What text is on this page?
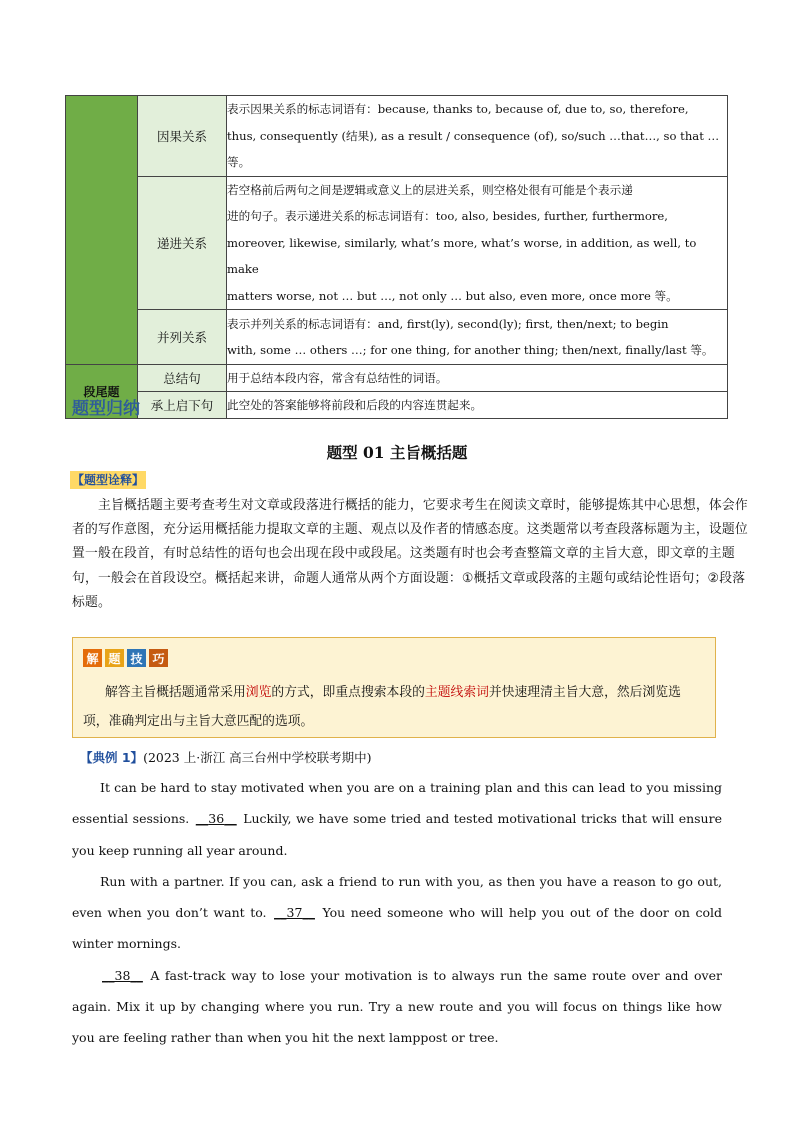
	因果关系	表示因果关系的标志词语有：because, thanks to, because of, due to, so, therefore,
thus, consequently (结果), as a result / consequence (of), so/such …that…, so that …等。

	递进关系	若空格前后两句之间是逻辑或意义上的层进关系，则空格处很有可能是个表示递
进的句子。表示递进关系的标志词语有：too, also, besides, further, furthermore,
moreover, likewise, similarly, what’s more, what’s worse, in addition, as well, to make
matters worse, not … but …, not only … but also, even more, once more 等。

	并列关系	表示并列关系的标志词语有：and, first(ly), second(ly); first, then/next; to begin
with, some … others …; for one thing, for another thing; then/next, finally/last 等。

段尾题	总结句	用于总结本段内容，常含有总结性的词语。

	承上启下句	此空处的答案能够将前段和后段的内容连贯起来。
题型归纳
题型 01 主旨概括题
【题型诠释】
主旨概括题主要考查考生对文章或段落进行概括的能力，它要求考生在阅读文章时，能够提炼其中心思想，体会作者的写作意图，充分运用概括能力提取文章的主题、观点以及作者的情感态度。这类题常以考查段落标题为主，设题位置一般在段首，有时总结性的语句也会出现在段中或段尾。这类题有时也会考查整篇文章的主旨大意，即文章的主题句，一般会在首段设空。概括起来讲，命题人通常从两个方面设题：①概括文章或段落的主题句或结论性语句；②段落标题。
解 题 技 巧
解答主旨概括题通常采用浏览的方式，即重点搜索本段的主题线索词并快速理清主旨大意，然后浏览选项，准确判定出与主旨大意匹配的选项。
【典例 1】(2023 上·浙江 高三台州中学校联考期中)

It can be hard to stay motivated when you are on a training plan and this can lead to you missing essential sessions. __36__ Luckily, we have some tried and tested motivational tricks that will ensure you keep running all year around.

Run with a partner. If you can, ask a friend to run with you, as then you have a reason to go out, even when you don’t want to. __37__ You need someone who will help you out of the door on cold winter mornings.

__38__ A fast-track way to lose your motivation is to always run the same route over and over again. Mix it up by changing where you run. Try a new route and you will focus on things like how you are feeling rather than when you hit the next lamppost or tree.
